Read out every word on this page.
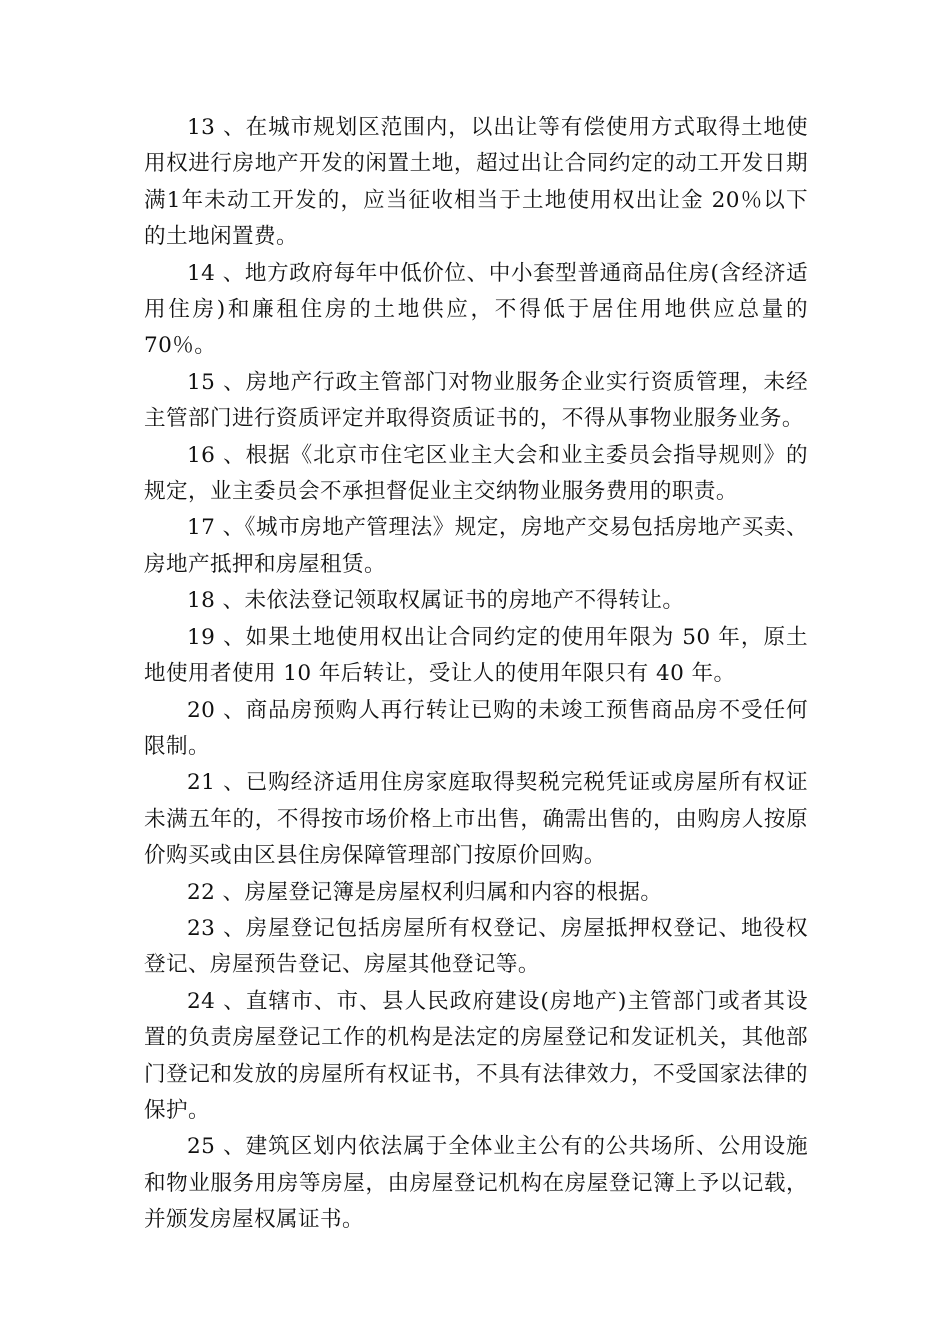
13 、在城市规划区范围内，以出让等有偿使用方式取得土地使用权进行房地产开发的闲置土地，超过出让合同约定的动工开发日期满1年未动工开发的，应当征收相当于土地使用权出让金 20％以下的土地闲置费。

14 、地方政府每年中低价位、中小套型普通商品住房(含经济适用住房)和廉租住房的土地供应，不得低于居住用地供应总量的 70％。

15 、房地产行政主管部门对物业服务企业实行资质管理，未经主管部门进行资质评定并取得资质证书的，不得从事物业服务业务。

16 、根据《北京市住宅区业主大会和业主委员会指导规则》的规定，业主委员会不承担督促业主交纳物业服务费用的职责。

17 、《城市房地产管理法》规定，房地产交易包括房地产买卖、房地产抵押和房屋租赁。

18 、未依法登记领取权属证书的房地产不得转让。

19 、如果土地使用权出让合同约定的使用年限为 50 年，原土地使用者使用 10 年后转让，受让人的使用年限只有 40 年。

20 、商品房预购人再行转让已购的未竣工预售商品房不受任何限制。

21 、已购经济适用住房家庭取得契税完税凭证或房屋所有权证未满五年的，不得按市场价格上市出售，确需出售的，由购房人按原价购买或由区县住房保障管理部门按原价回购。

22 、房屋登记簿是房屋权利归属和内容的根据。

23 、房屋登记包括房屋所有权登记、房屋抵押权登记、地役权登记、房屋预告登记、房屋其他登记等。

24 、直辖市、市、县人民政府建设(房地产)主管部门或者其设置的负责房屋登记工作的机构是法定的房屋登记和发证机关，其他部门登记和发放的房屋所有权证书，不具有法律效力，不受国家法律的保护。

25 、建筑区划内依法属于全体业主公有的公共场所、公用设施和物业服务用房等房屋，由房屋登记机构在房屋登记簿上予以记载，并颁发房屋权属证书。
